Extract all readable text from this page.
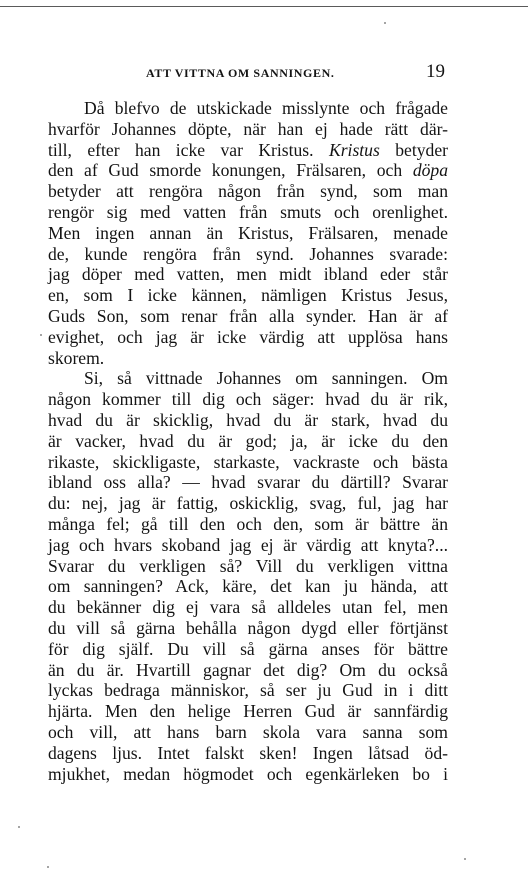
ATT VITTNA OM SANNINGEN.	19
Då blefvo de utskickade misslynte och frågade
hvarför Johannes döpte, när han ej hade rätt där-
till, efter han icke var Kristus. Kristus betyder
den af Gud smorde konungen, Frälsaren, och döpa
betyder att rengöra någon från synd, som man
rengör sig med vatten från smuts och orenlighet.
Men ingen annan än Kristus, Frälsaren, menade
de, kunde rengöra från synd. Johannes svarade:
jag döper med vatten, men midt ibland eder står
en, som I icke kännen, nämligen Kristus Jesus,
Guds Son, som renar från alla synder. Han är af
evighet, och jag är icke värdig att upplösa hans
skorem.
Si, så vittnade Johannes om sanningen. Om
någon kommer till dig och säger: hvad du är rik,
hvad du är skicklig, hvad du är stark, hvad du
är vacker, hvad du är god; ja, är icke du den
rikaste, skickligaste, starkaste, vackraste och bästa
ibland oss alla? — hvad svarar du därtill? Svarar
du: nej, jag är fattig, oskicklig, svag, ful, jag har
många fel; gå till den och den, som är bättre än
jag och hvars skoband jag ej är värdig att knyta?...
Svarar du verkligen så? Vill du verkligen vittna
om sanningen? Ack, käre, det kan ju hända, att
du bekänner dig ej vara så alldeles utan fel, men
du vill så gärna behålla någon dygd eller förtjänst
för dig själf. Du vill så gärna anses för bättre
än du är. Hvartill gagnar det dig? Om du också
lyckas bedraga människor, så ser ju Gud in i ditt
hjärta. Men den helige Herren Gud är sannfärdig
och vill, att hans barn skola vara sanna som
dagens ljus. Intet falskt sken! Ingen låtsad öd-
mjukhet, medan högmodet och egenkärleken bo i
